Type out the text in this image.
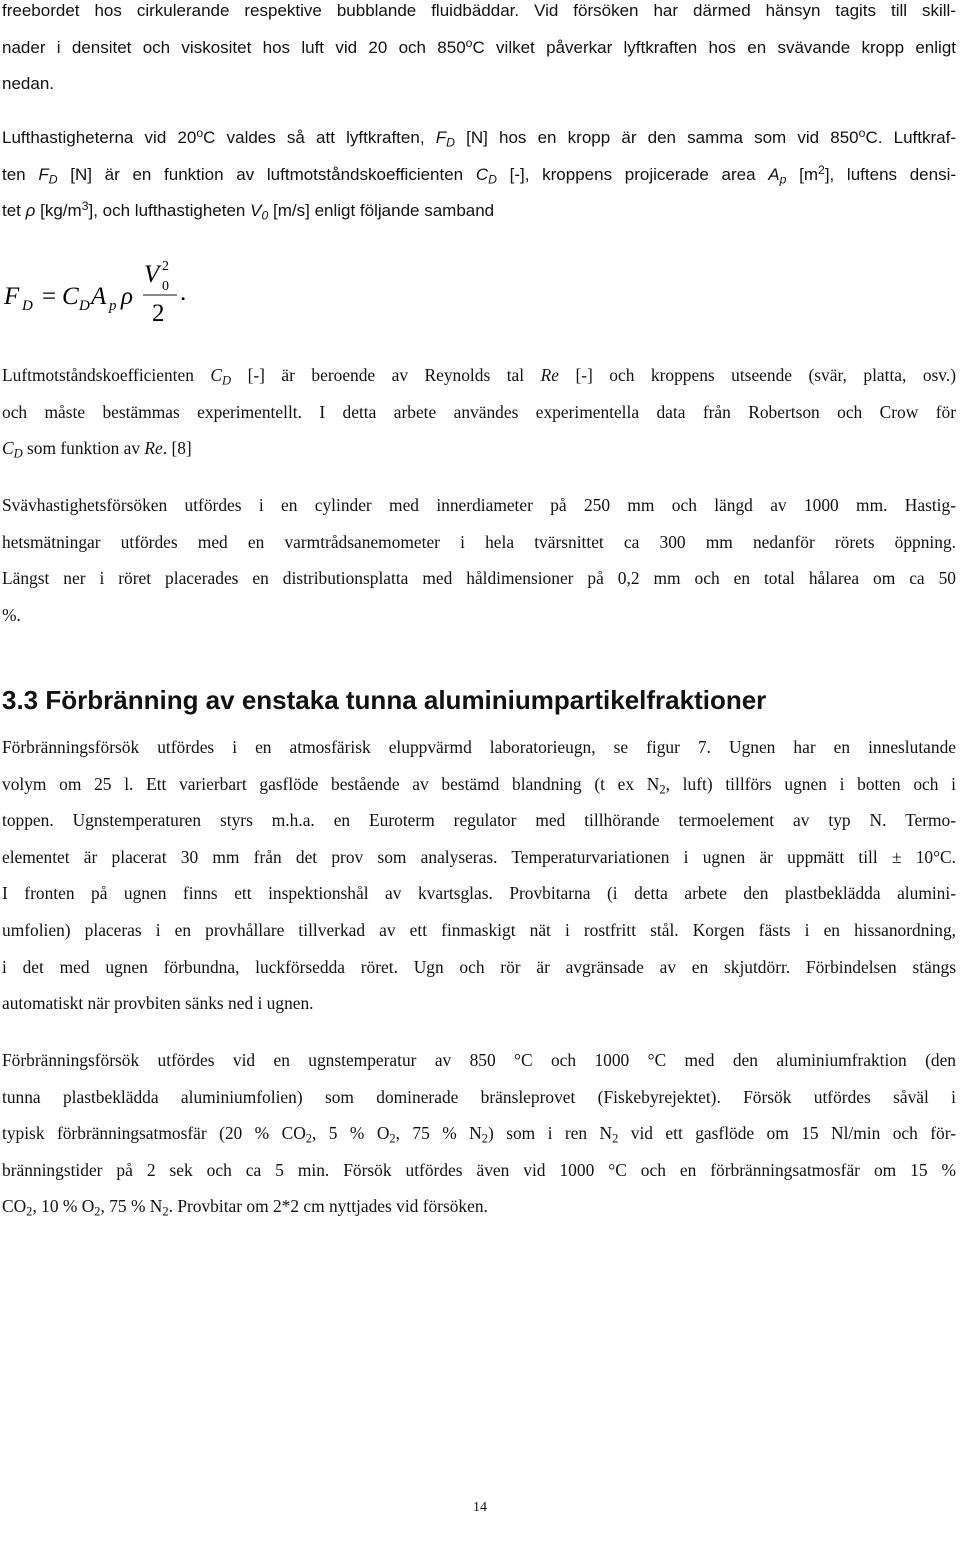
freebordet hos cirkulerande respektive bubblande fluidbäddar. Vid försöken har därmed hänsyn tagits till skill-
nader i densitet och viskositet hos luft vid 20 och 850$^o$C vilket påverkar lyftkraften hos en svävande kropp enligt
nedan.
Lufthastigheterna vid 20$^o$C valdes så att lyftkraften, $F_D$ [N] hos en kropp är den samma som vid 850$^o$C. Luftkraf-
ten $F_D$ [N] är en funktion av luftmotståndskoefficienten $C_D$ [-], kroppens projicerade area $A_p$ $[m^2]$, luftens densi-
tet ρ $[kg/m^3]$, och lufthastigheten $V_0$ [m/s] enligt följande samband
F D = C D A p ρ
V 2
0
2
.
Luftmotståndskoefficienten $C_D$ [-] är beroende av Reynolds tal Re [-] och kroppens utseende (svär, platta, osv.)
och måste bestämmas experimentellt. I detta arbete användes experimentella data från Robertson och Crow för
$C_D$ som funktion av Re. [8]
Svävhastighetsförsöken utfördes i en cylinder med innerdiameter på 250 mm och längd av 1000 mm. Hastig-
hetsmätningar utfördes med en varmtrådsanemometer i hela tvärsnittet ca 300 mm nedanför rörets öppning.
Längst ner i röret placerades en distributionsplatta med håldimensioner på 0,2 mm och en total hålarea om ca 50
%.
3.3 Förbränning av enstaka tunna aluminiumpartikelfraktioner
Förbränningsförsök utfördes i en atmosfärisk eluppvärmd laboratorieugn, se figur 7. Ugnen har en inneslutande
volym om 25 l. Ett varierbart gasflöde bestående av bestämd blandning (t ex $N_2$, luft) tillförs ugnen i botten och i
toppen. Ugnstemperaturen styrs m.h.a. en Euroterm regulator med tillhörande termoelement av typ N. Termo-
elementet är placerat 30 mm från det prov som analyseras. Temperaturvariationen i ugnen är uppmätt till ± 10°C.
I fronten på ugnen finns ett inspektionshål av kvartsglas. Provbitarna (i detta arbete den plastbeklädda alumini-
umfolien) placeras i en provhållare tillverkad av ett finmaskigt nät i rostfritt stål. Korgen fästs i en hissanordning,
i det med ugnen förbundna, luckförsedda röret. Ugn och rör är avgränsade av en skjutdörr. Förbindelsen stängs
automatiskt när provbiten sänks ned i ugnen.
Förbränningsförsök utfördes vid en ugnstemperatur av 850 °C och 1000 °C med den aluminiumfraktion (den
tunna plastbeklädda aluminiumfolien) som dominerade bränsleprovet (Fiskebyrejektet). Försök utfördes såväl i
typisk förbränningsatmosfär (20 % $CO_2$, 5 % $O_2$, 75 % $N_2$) som i ren $N_2$ vid ett gasflöde om 15 Nl/min och för-
bränningstider på 2 sek och ca 5 min. Försök utfördes även vid 1000 °C och en förbränningsatmosfär om 15 %
$CO_2$, 10 % $O_2$, 75 % $N_2$. Provbitar om 2*2 cm nyttjades vid försöken.
14
